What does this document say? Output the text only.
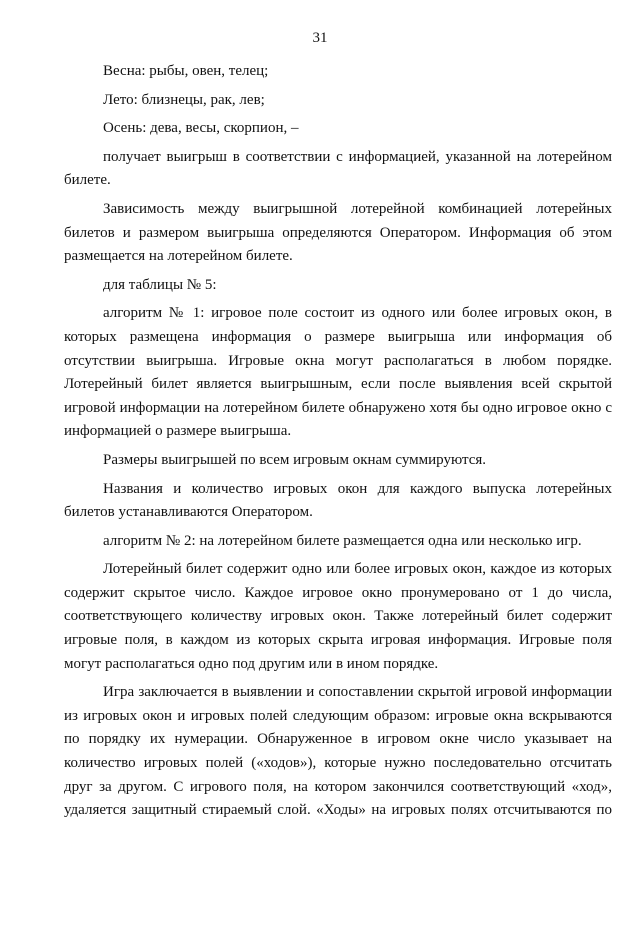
31

Весна: рыбы, овен, телец;

Лето: близнецы, рак, лев;

Осень: дева, весы, скорпион, –

получает выигрыш в соответствии с информацией, указанной на лотерейном билете.

Зависимость между выигрышной лотерейной комбинацией лотерейных билетов и размером выигрыша определяются Оператором. Информация об этом размещается на лотерейном билете.

для таблицы № 5:

алгоритм № 1: игровое поле состоит из одного или более игровых окон, в которых размещена информация о размере выигрыша или информация об отсутствии выигрыша. Игровые окна могут располагаться в любом порядке. Лотерейный билет является выигрышным, если после выявления всей скрытой игровой информации на лотерейном билете обнаружено хотя бы одно игровое окно с информацией о размере выигрыша.

Размеры выигрышей по всем игровым окнам суммируются.

Названия и количество игровых окон для каждого выпуска лотерейных билетов устанавливаются Оператором.

алгоритм № 2: на лотерейном билете размещается одна или несколько игр.

Лотерейный билет содержит одно или более игровых окон, каждое из которых содержит скрытое число. Каждое игровое окно пронумеровано от 1 до числа, соответствующего количеству игровых окон. Также лотерейный билет содержит игровые поля, в каждом из которых скрыта игровая информация. Игровые поля могут располагаться одно под другим или в ином порядке.

Игра заключается в выявлении и сопоставлении скрытой игровой информации из игровых окон и игровых полей следующим образом: игровые окна вскрываются по порядку их нумерации. Обнаруженное в игровом окне число указывает на количество игровых полей («ходов»), которые нужно последовательно отсчитать друг за другом. С игрового поля, на котором закончился соответствующий «ход», удаляется защитный стираемый слой. «Ходы» на игровых полях отсчитываются по
